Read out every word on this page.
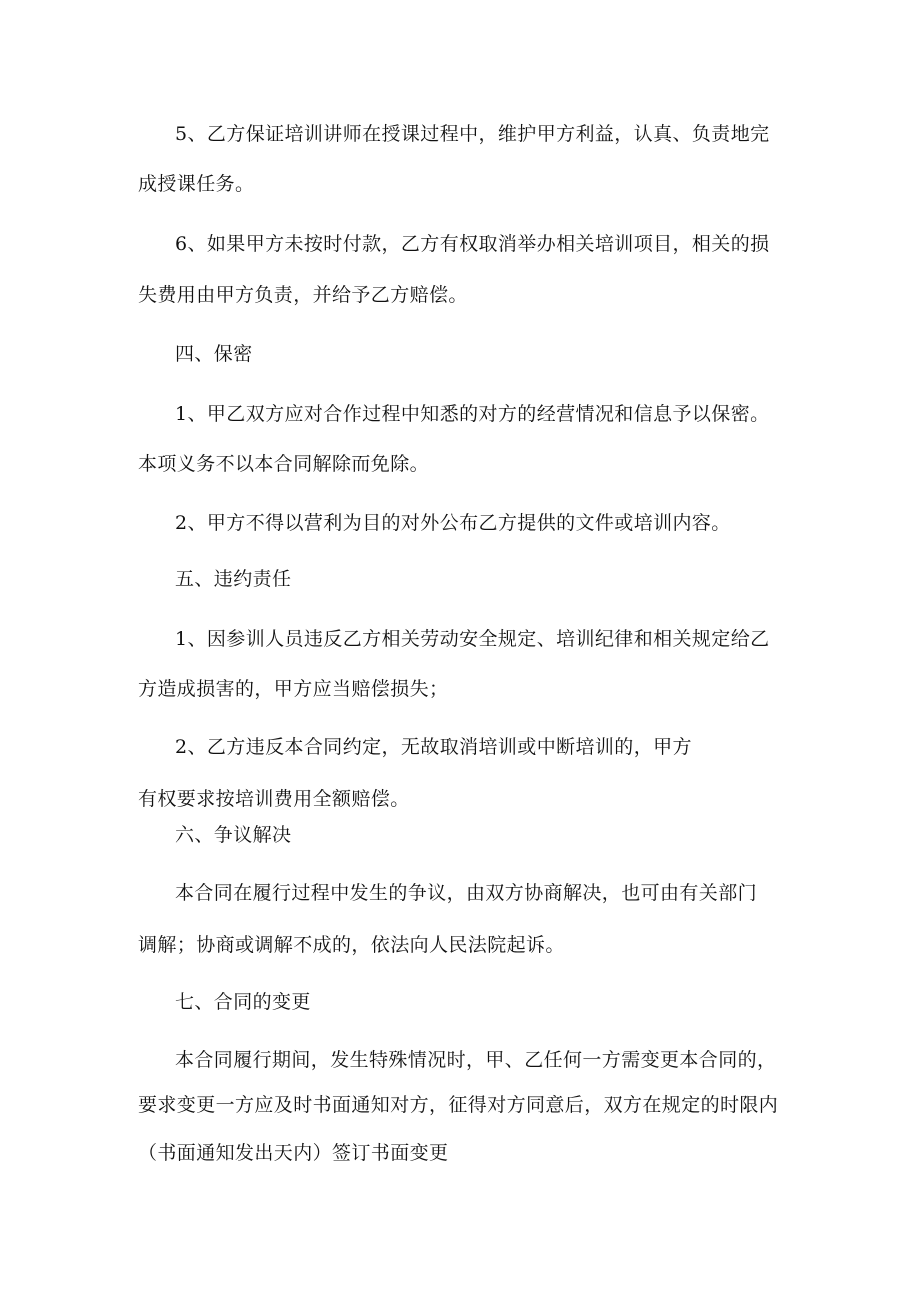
5、乙方保证培训讲师在授课过程中，维护甲方利益，认真、负责地完
成授课任务。
6、如果甲方未按时付款，乙方有权取消举办相关培训项目，相关的损
失费用由甲方负责，并给予乙方赔偿。
四、保密
1、甲乙双方应对合作过程中知悉的对方的经营情况和信息予以保密。
本项义务不以本合同解除而免除。
2、甲方不得以营利为目的对外公布乙方提供的文件或培训内容。
五、违约责任
1、因参训人员违反乙方相关劳动安全规定、培训纪律和相关规定给乙
方造成损害的，甲方应当赔偿损失；
2、乙方违反本合同约定，无故取消培训或中断培训的，甲方
有权要求按培训费用全额赔偿。
六、争议解决
本合同在履行过程中发生的争议，由双方协商解决，也可由有关部门
调解；协商或调解不成的，依法向人民法院起诉。
七、合同的变更
本合同履行期间，发生特殊情况时，甲、乙任何一方需变更本合同的，
要求变更一方应及时书面通知对方，征得对方同意后，双方在规定的时限内
（书面通知发出天内）签订书面变更
